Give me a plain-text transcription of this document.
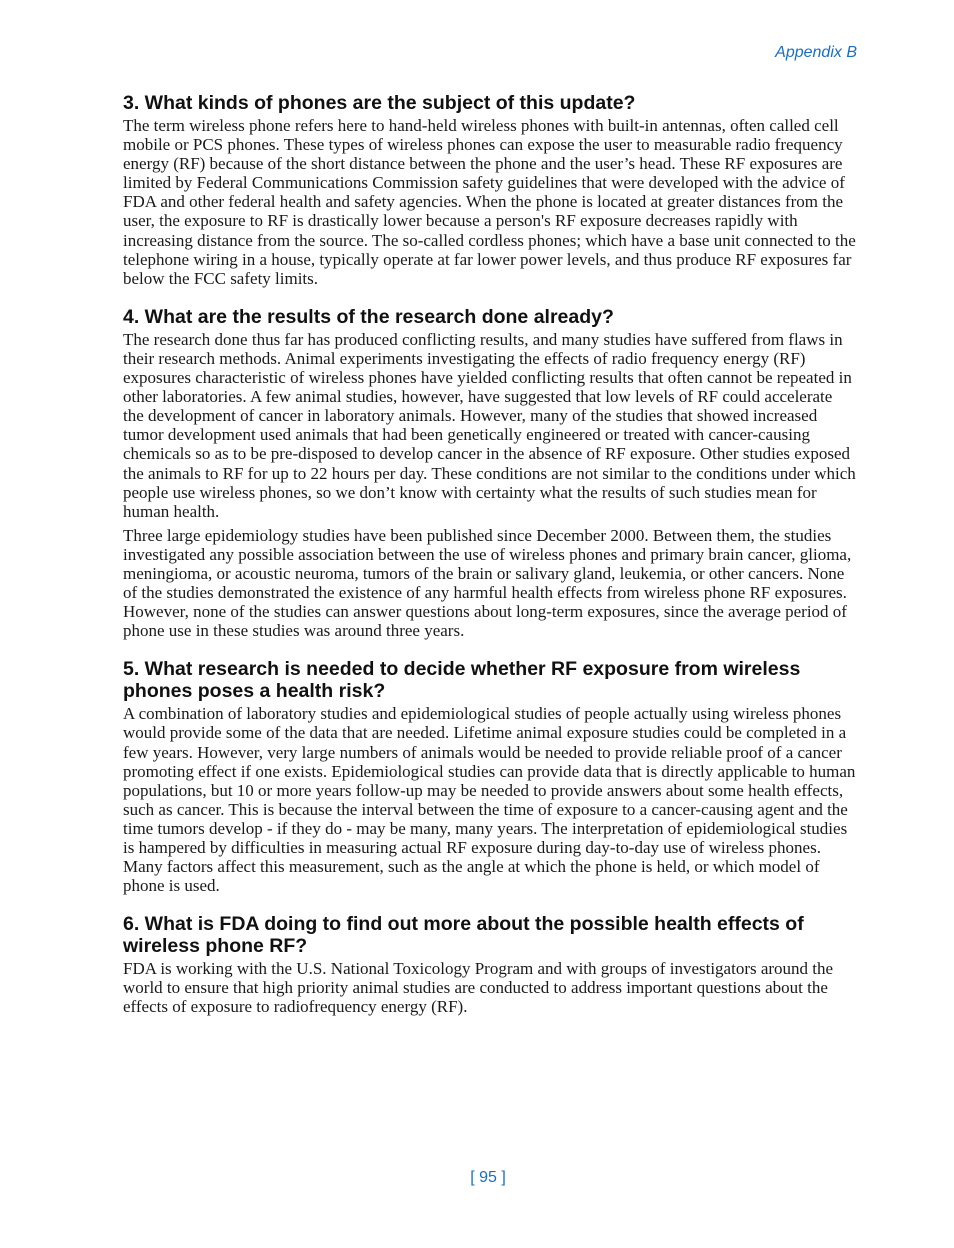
Appendix B
3. What kinds of phones are the subject of this update?

The term wireless phone refers here to hand-held wireless phones with built-in antennas, often called cell mobile or PCS phones. These types of wireless phones can expose the user to measurable radio frequency energy (RF) because of the short distance between the phone and the user’s head. These RF exposures are limited by Federal Communications Commission safety guidelines that were developed with the advice of FDA and other federal health and safety agencies. When the phone is located at greater distances from the user, the exposure to RF is drastically lower because a person's RF exposure decreases rapidly with increasing distance from the source. The so-called cordless phones; which have a base unit connected to the telephone wiring in a house, typically operate at far lower power levels, and thus produce RF exposures far below the FCC safety limits.

4. What are the results of the research done already?

The research done thus far has produced conflicting results, and many studies have suffered from flaws in their research methods. Animal experiments investigating the effects of radio frequency energy (RF) exposures characteristic of wireless phones have yielded conflicting results that often cannot be repeated in other laboratories. A few animal studies, however, have suggested that low levels of RF could accelerate the development of cancer in laboratory animals. However, many of the studies that showed increased tumor development used animals that had been genetically engineered or treated with cancer-causing chemicals so as to be pre-disposed to develop cancer in the absence of RF exposure. Other studies exposed the animals to RF for up to 22 hours per day. These conditions are not similar to the conditions under which people use wireless phones, so we don’t know with certainty what the results of such studies mean for human health.

Three large epidemiology studies have been published since December 2000. Between them, the studies investigated any possible association between the use of wireless phones and primary brain cancer, glioma, meningioma, or acoustic neuroma, tumors of the brain or salivary gland, leukemia, or other cancers. None of the studies demonstrated the existence of any harmful health effects from wireless phone RF exposures. However, none of the studies can answer questions about long-term exposures, since the average period of phone use in these studies was around three years.

5. What research is needed to decide whether RF exposure from wireless phones poses a health risk?

A combination of laboratory studies and epidemiological studies of people actually using wireless phones would provide some of the data that are needed. Lifetime animal exposure studies could be completed in a few years. However, very large numbers of animals would be needed to provide reliable proof of a cancer promoting effect if one exists. Epidemiological studies can provide data that is directly applicable to human populations, but 10 or more years follow-up may be needed to provide answers about some health effects, such as cancer. This is because the interval between the time of exposure to a cancer-causing agent and the time tumors develop - if they do - may be many, many years. The interpretation of epidemiological studies is hampered by difficulties in measuring actual RF exposure during day-to-day use of wireless phones. Many factors affect this measurement, such as the angle at which the phone is held, or which model of phone is used.

6. What is FDA doing to find out more about the possible health effects of wireless phone RF?

FDA is working with the U.S. National Toxicology Program and with groups of investigators around the world to ensure that high priority animal studies are conducted to address important questions about the effects of exposure to radiofrequency energy (RF).

[ 95 ]
